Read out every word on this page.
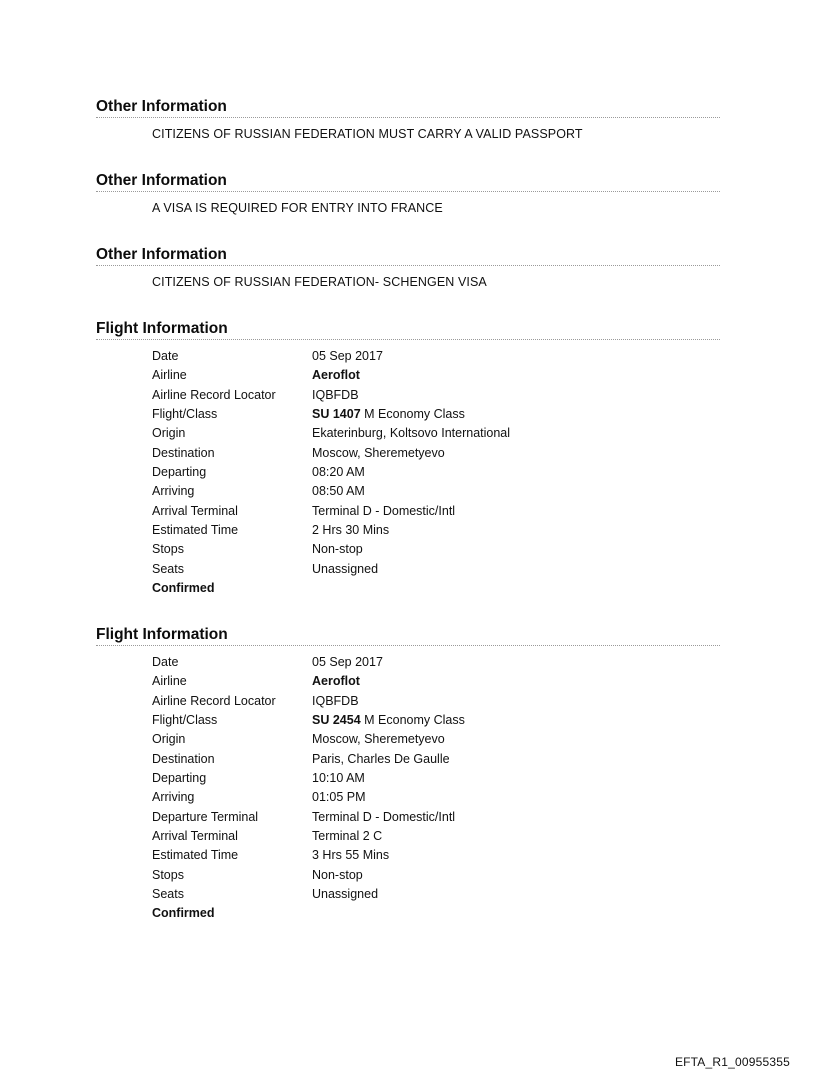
Other Information
CITIZENS OF RUSSIAN FEDERATION MUST CARRY A VALID PASSPORT
Other Information
A VISA IS REQUIRED FOR ENTRY INTO FRANCE
Other Information
CITIZENS OF RUSSIAN FEDERATION- SCHENGEN VISA
Flight Information
Date	05 Sep 2017
Airline	Aeroflot
Airline Record Locator	IQBFDB
Flight/Class	SU 1407 M Economy Class
Origin	Ekaterinburg, Koltsovo International
Destination	Moscow, Sheremetyevo
Departing	08:20 AM
Arriving	08:50 AM
Arrival Terminal	Terminal D - Domestic/Intl
Estimated Time	2 Hrs 30 Mins
Stops	Non-stop
Seats	Unassigned
Confirmed
Flight Information
Date	05 Sep 2017
Airline	Aeroflot
Airline Record Locator	IQBFDB
Flight/Class	SU 2454 M Economy Class
Origin	Moscow, Sheremetyevo
Destination	Paris, Charles De Gaulle
Departing	10:10 AM
Arriving	01:05 PM
Departure Terminal	Terminal D - Domestic/Intl
Arrival Terminal	Terminal 2 C
Estimated Time	3 Hrs 55 Mins
Stops	Non-stop
Seats	Unassigned
Confirmed
EFTA_R1_00955355
